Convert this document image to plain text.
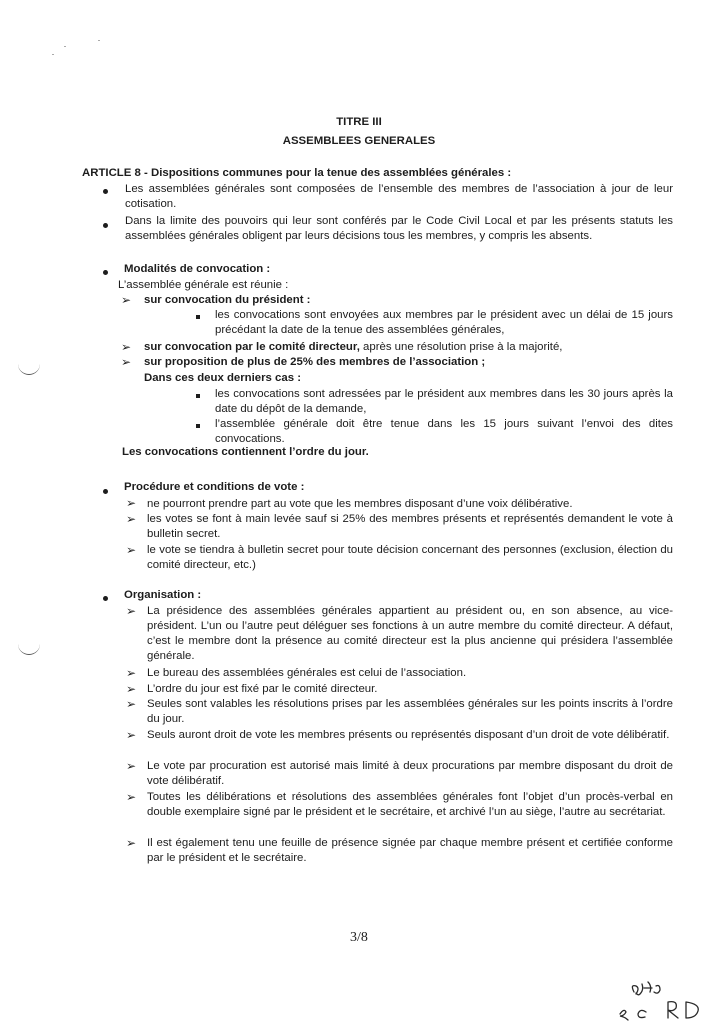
TITRE III
ASSEMBLEES GENERALES
ARTICLE 8 - Dispositions communes pour la tenue des assemblées générales :
Les assemblées générales sont composées de l’ensemble des membres de l’association à jour de leur cotisation.
Dans la limite des pouvoirs qui leur sont conférés par le Code Civil Local et par les présents statuts les assemblées générales obligent par leurs décisions tous les membres, y compris les absents.
Modalités de convocation :
L’assemblée générale est réunie :
➢ sur convocation du président :
les convocations sont envoyées aux membres par le président avec un délai de 15 jours précédant la date de la tenue des assemblées générales,
➢ sur convocation par le comité directeur, après une résolution prise à la majorité,
➢ sur proposition de plus de 25% des membres de l’association ;
Dans ces deux derniers cas :
les convocations sont adressées par le président aux membres dans les 30 jours après la date du dépôt de la demande,
l’assemblée générale doit être tenue dans les 15 jours suivant l’envoi des dites convocations.
Les convocations contiennent l’ordre du jour.
Procédure et conditions de vote :
➢ ne pourront prendre part au vote que les membres disposant d’une voix délibérative.
➢ les votes se font à main levée sauf si 25% des membres présents et représentés demandent le vote à bulletin secret.
➢ le vote se tiendra à bulletin secret pour toute décision concernant des personnes (exclusion, élection du comité directeur, etc.)
Organisation :
➢ La présidence des assemblées générales appartient au président ou, en son absence, au vice-président. L’un ou l’autre peut déléguer ses fonctions à un autre membre du comité directeur. A défaut, c’est le membre dont la présence au comité directeur est la plus ancienne qui présidera l’assemblée générale.
➢ Le bureau des assemblées générales est celui de l’association.
➢ L’ordre du jour est fixé par le comité directeur.
➢ Seules sont valables les résolutions prises par les assemblées générales sur les points inscrits à l’ordre du jour.
➢ Seuls auront droit de vote les membres présents ou représentés disposant d’un droit de vote délibératif.
➢ Le vote par procuration est autorisé mais limité à deux procurations par membre disposant du droit de vote délibératif.
➢ Toutes les délibérations et résolutions des assemblées générales font l’objet d’un procès-verbal en double exemplaire signé par le président et le secrétaire, et archivé l’un au siège, l’autre au secrétariat.
➢ Il est également tenu une feuille de présence signée par chaque membre présent et certifiée conforme par le président et le secrétaire.
3/8
